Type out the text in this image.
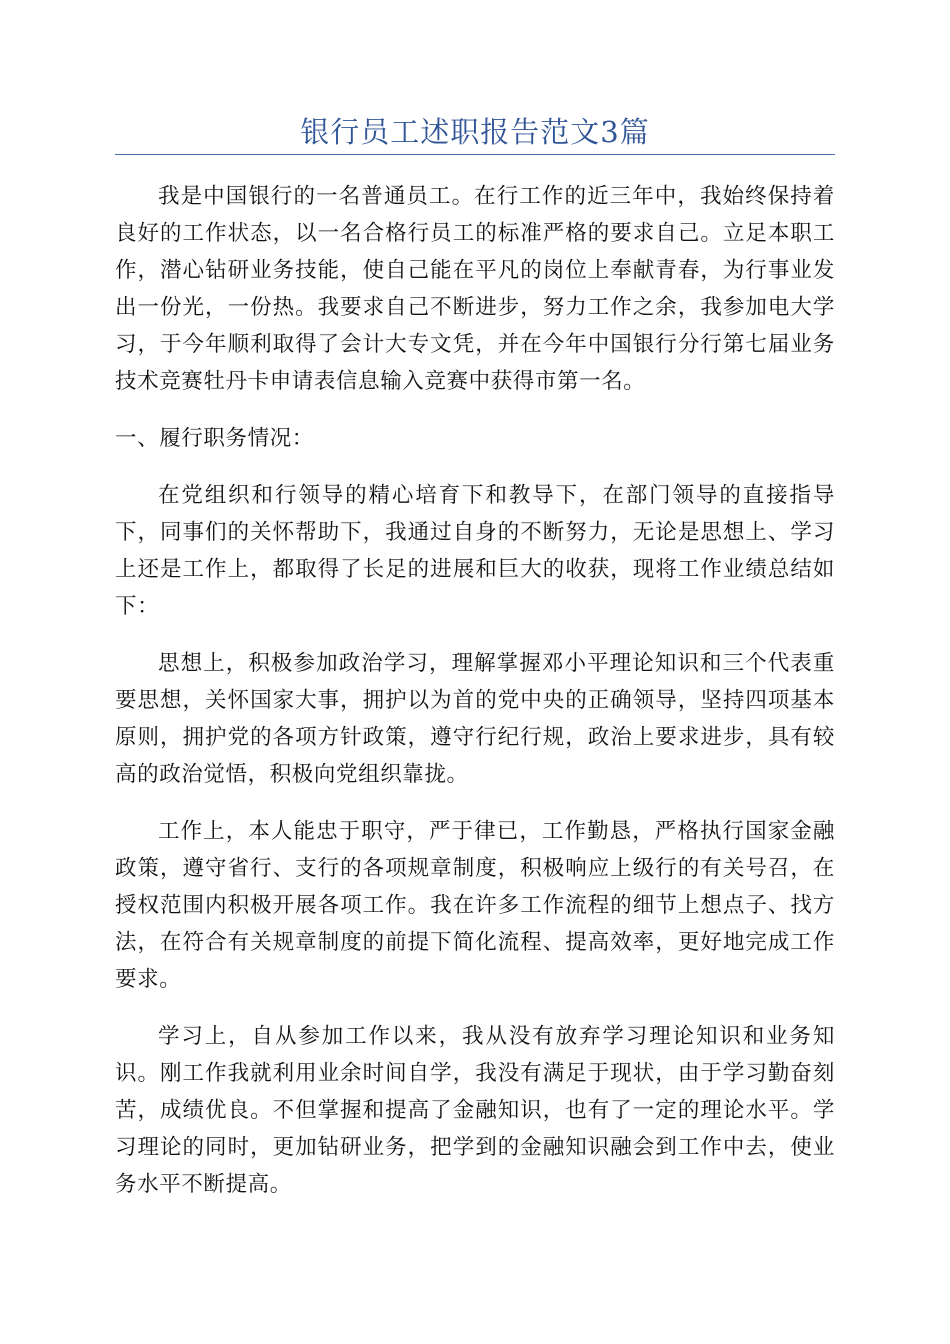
银行员工述职报告范文3篇

我是中国银行的一名普通员工。在行工作的近三年中，我始终保持着良好的工作状态，以一名合格行员工的标准严格的要求自己。立足本职工作，潜心钻研业务技能，使自己能在平凡的岗位上奉献青春，为行事业发出一份光，一份热。我要求自己不断进步，努力工作之余，我参加电大学习，于今年顺利取得了会计大专文凭，并在今年中国银行分行第七届业务技术竞赛牡丹卡申请表信息输入竞赛中获得市第一名。

一、履行职务情况：

在党组织和行领导的精心培育下和教导下，在部门领导的直接指导下，同事们的关怀帮助下，我通过自身的不断努力，无论是思想上、学习上还是工作上，都取得了长足的进展和巨大的收获，现将工作业绩总结如下：

思想上，积极参加政治学习，理解掌握邓小平理论知识和三个代表重要思想，关怀国家大事，拥护以为首的党中央的正确领导，坚持四项基本原则，拥护党的各项方针政策，遵守行纪行规，政治上要求进步，具有较高的政治觉悟，积极向党组织靠拢。

工作上，本人能忠于职守，严于律已，工作勤恳，严格执行国家金融政策，遵守省行、支行的各项规章制度，积极响应上级行的有关号召，在授权范围内积极开展各项工作。我在许多工作流程的细节上想点子、找方法，在符合有关规章制度的前提下简化流程、提高效率，更好地完成工作要求。

学习上，自从参加工作以来，我从没有放弃学习理论知识和业务知识。刚工作我就利用业余时间自学，我没有满足于现状，由于学习勤奋刻苦，成绩优良。不但掌握和提高了金融知识，也有了一定的理论水平。学习理论的同时，更加钻研业务，把学到的金融知识融会到工作中去，使业务水平不断提高。
